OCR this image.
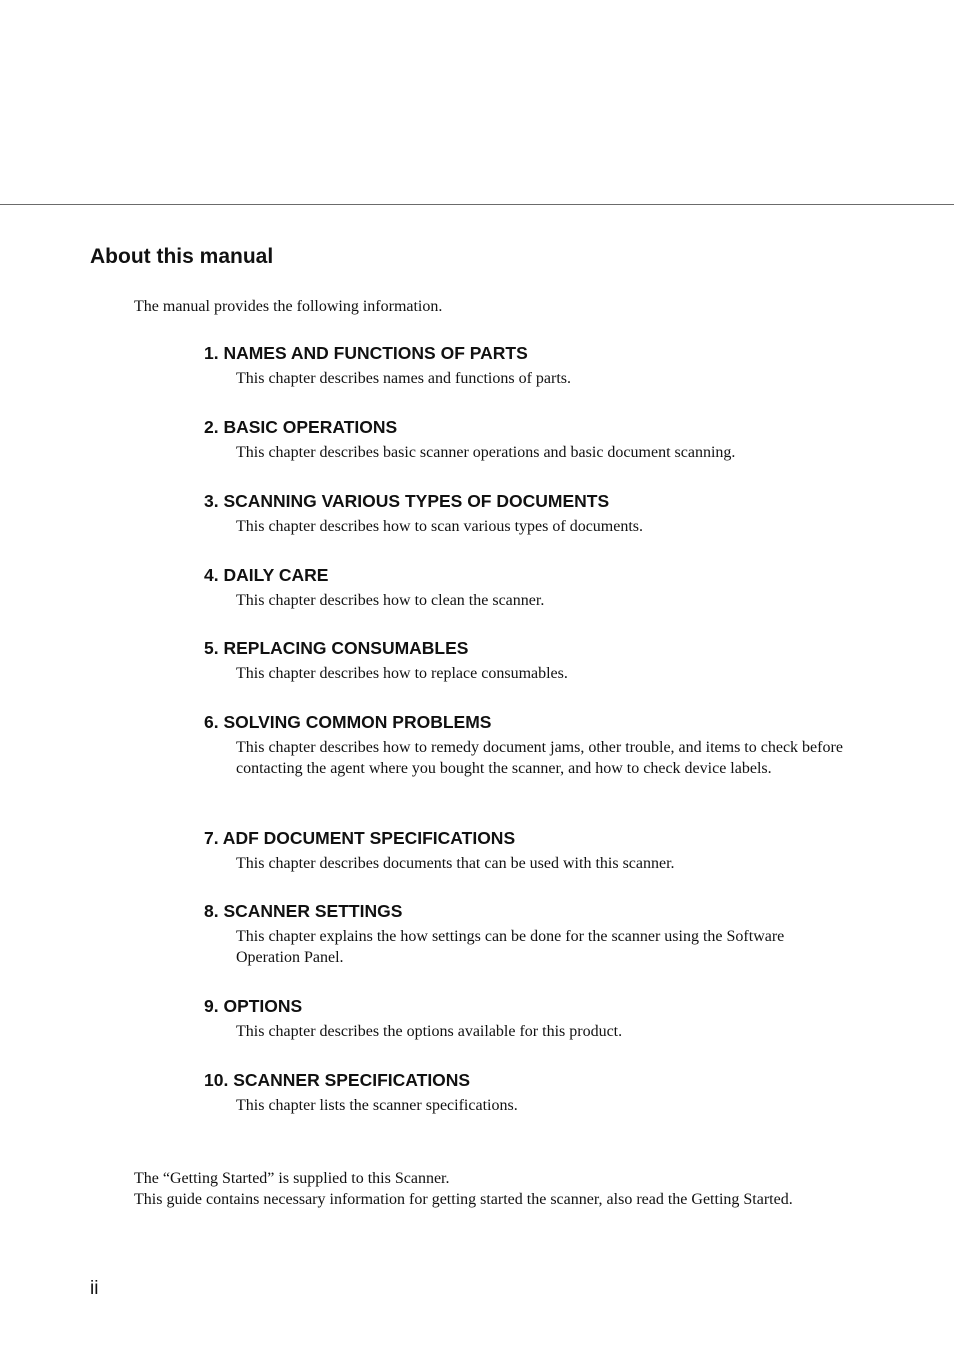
About this manual

The manual provides the following information.

1. NAMES AND FUNCTIONS OF PARTS

This chapter describes names and functions of parts.

2. BASIC OPERATIONS

This chapter describes basic scanner operations and basic document scanning.

3. SCANNING VARIOUS TYPES OF DOCUMENTS

This chapter describes how to scan various types of documents.

4. DAILY CARE

This chapter describes how to clean the scanner.

5. REPLACING CONSUMABLES

This chapter describes how to replace consumables.

6. SOLVING COMMON PROBLEMS

This chapter describes how to remedy document jams, other trouble, and items to check before contacting the agent where you bought the scanner, and how to check device labels.

7. ADF DOCUMENT SPECIFICATIONS

This chapter describes documents that can be used with this scanner.

8. SCANNER SETTINGS

This chapter explains the how settings can be done for the scanner using the Software Operation Panel.

9. OPTIONS

This chapter describes the options available for this product.

10. SCANNER SPECIFICATIONS

This chapter lists the scanner specifications.

The “Getting Started” is supplied to this Scanner.

This guide contains necessary information for getting started the scanner, also read the Getting Started.

ii
